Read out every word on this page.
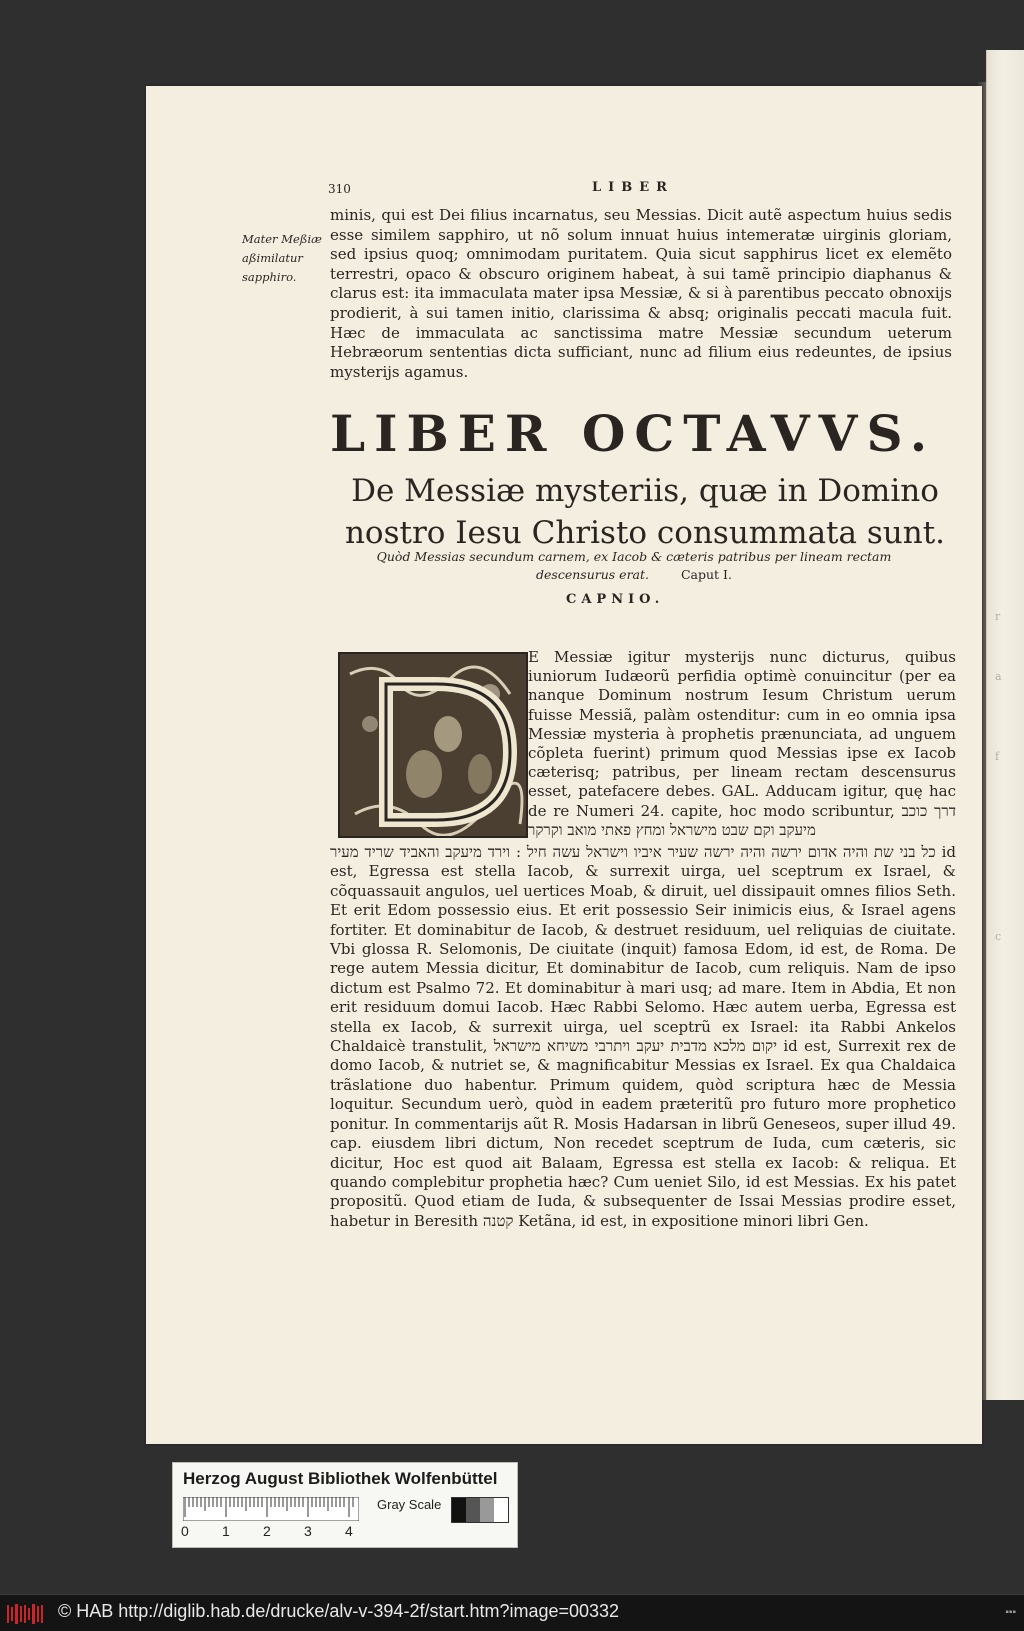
r
a
f
c
310	LIBER
Mater Meßiæ aßimilatur sapphiro.
minis, qui est Dei filius incarnatus, seu Messias. Dicit autẽ aspectum huius sedis esse similem sapphiro, ut nõ solum innuat huius intemeratæ uirginis gloriam, sed ipsius quoq; omnimodam puritatem. Quia sicut sapphirus licet ex elemẽto terrestri, opaco & obscuro originem habeat, à sui tamẽ principio diaphanus & clarus est: ita immaculata mater ipsa Messiæ, & si à parentibus peccato obnoxijs prodierit, à sui tamen initio, clarissima & absq; originalis peccati macula fuit. Hæc de immaculata ac sanctissima matre Messiæ secundum ueterum Hebræorum sententias dicta sufficiant, nunc ad filium eius redeuntes, de ipsius mysterijs agamus.
LIBER OCTAVVS.
De Messiæ mysteriis, quæ in Domino nostro Iesu Christo consummata sunt.
Quòd Messias secundum carnem, ex Iacob & cæteris patribus per lineam rectam descensurus erat.	Caput I.
CAPNIO.
E Messiæ igitur mysterijs nunc dicturus, quibus iuniorum Iudæorũ perfidia optimè conuincitur (per ea nanque Dominum nostrum Iesum Christum uerum fuisse Messiã, palàm ostenditur: cum in eo omnia ipsa Messiæ mysteria à prophetis prænunciata, ad unguem cõpleta fuerint) primum quod Messias ipse ex Iacob cæterisq; patribus, per lineam rectam descensurus esset, patefacere debes. GAL. Adducam igitur, quę hac de re Numeri 24. capite, hoc modo scribuntur, דרך כוכב מיעקב וקם שבט מישראל ומחץ פאתי מואב וקרקר
כל בני שת והיה אדום ירשה והיה ירשה שעיר איביו וישראל עשה חיל : וירד מיעקב והאביד שריד מעיר id est, Egressa est stella Iacob, & surrexit uirga, uel sceptrum ex Israel, & cõquassauit angulos, uel uertices Moab, & diruit, uel dissipauit omnes filios Seth. Et erit Edom possessio eius. Et erit possessio Seir inimicis eius, & Israel agens fortiter. Et dominabitur de Iacob, & destruet residuum, uel reliquias de ciuitate. Vbi glossa R. Selomonis, De ciuitate (inquit) famosa Edom, id est, de Roma. De rege autem Messia dicitur, Et dominabitur de Iacob, cum reliquis. Nam de ipso dictum est Psalmo 72. Et dominabitur à mari usq; ad mare. Item in Abdia, Et non erit residuum domui Iacob. Hæc Rabbi Selomo. Hæc autem uerba, Egressa est stella ex Iacob, & surrexit uirga, uel sceptrũ ex Israel: ita Rabbi Ankelos Chaldaicè transtulit, יקום מלכא מדבית יעקב ויתרבי משיחא מישראל id est, Surrexit rex de domo Iacob, & nutriet se, & magnificabitur Messias ex Israel. Ex qua Chaldaica trãslatione duo habentur. Primum quidem, quòd scriptura hæc de Messia loquitur. Secundum uerò, quòd in eadem præteritũ pro futuro more prophetico ponitur. In commentarijs aũt R. Mosis Hadarsan in librũ Geneseos, super illud 49. cap. eiusdem libri dictum, Non recedet sceptrum de Iuda, cum cæteris, sic dicitur, Hoc est quod ait Balaam, Egressa est stella ex Iacob: & reliqua. Et quando complebitur prophetia hæc? Cum ueniet Silo, id est Messias. Ex his patet propositũ. Quod etiam de Iuda, & subsequenter de Issai Messias prodire esset, habetur in Beresith קטנה Ketãna, id est, in expositione minori libri Gen.
Herzog August Bibliothek Wolfenbüttel
0 1 2 3 4
Gray Scale
© HAB http://diglib.hab.de/drucke/alv-v-394-2f/start.htm?image=00332	▪▪▪
